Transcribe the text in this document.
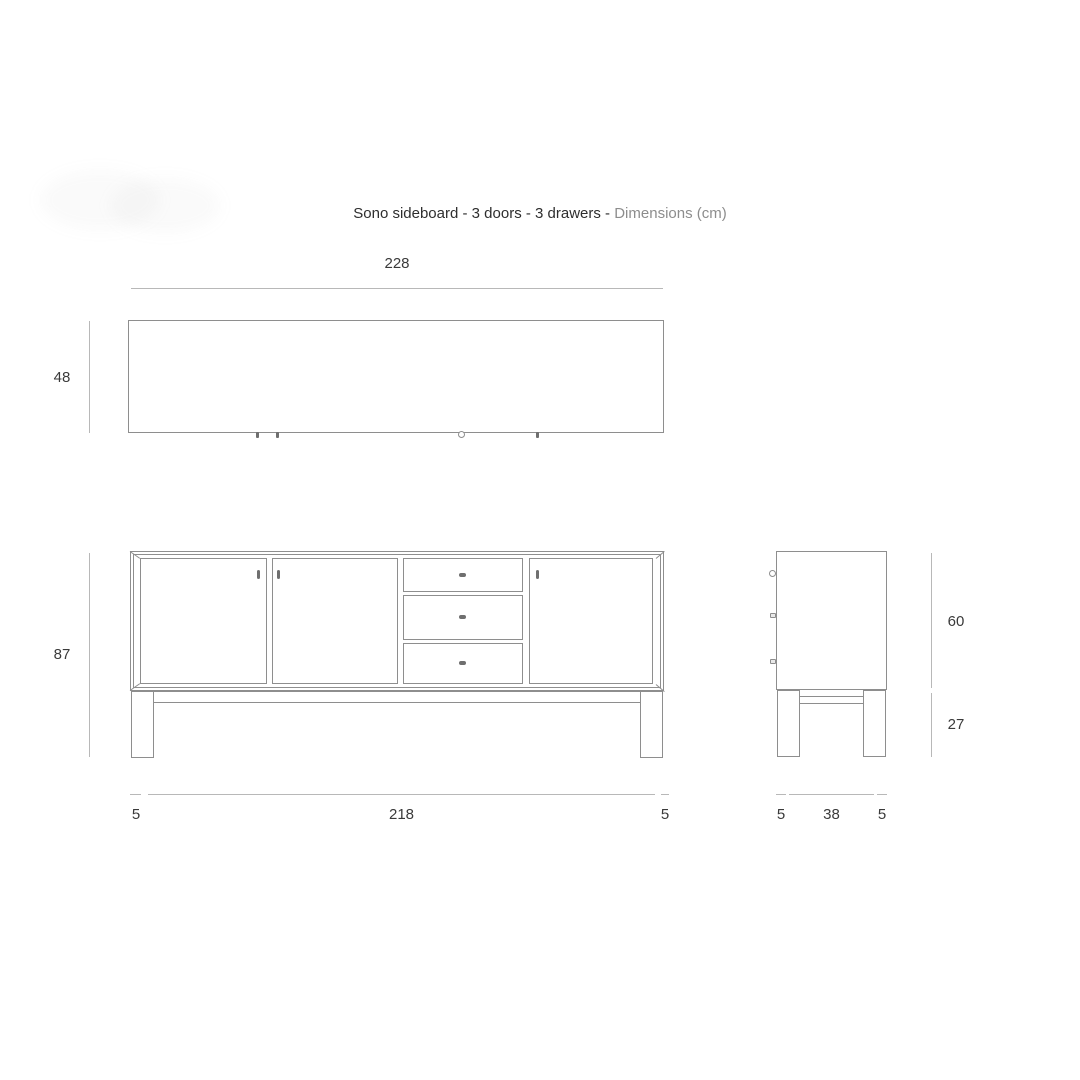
Sono sideboard - 3 doors - 3 drawers - Dimensions (cm)
228
48
87
5	218	5
60
27
5	38	5
